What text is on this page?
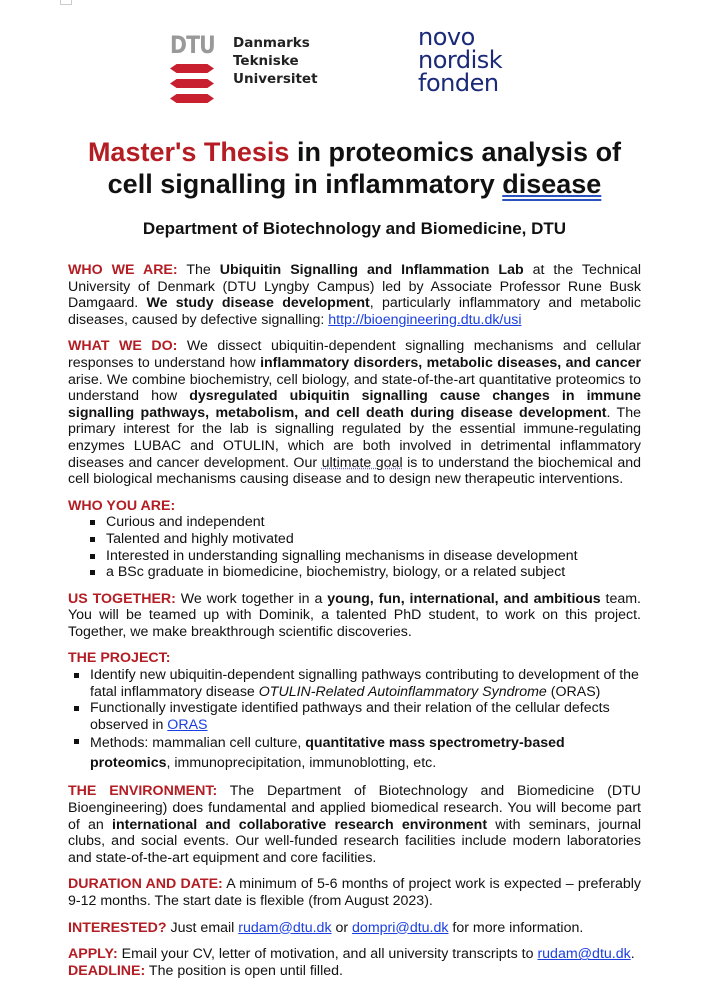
DTU Danmarks
Tekniske
Universitet
novo
nordisk
fonden
Master's Thesis in proteomics analysis of
cell signalling in inflammatory disease
Department of Biotechnology and Biomedicine, DTU

WHO WE ARE: The Ubiquitin Signalling and Inflammation Lab at the Technical University of Denmark (DTU Lyngby Campus) led by Associate Professor Rune Busk Damgaard. We study disease development, particularly inflammatory and metabolic diseases, caused by defective signalling: http://bioengineering.dtu.dk/usi

WHAT WE DO: We dissect ubiquitin-dependent signalling mechanisms and cellular responses to understand how inflammatory disorders, metabolic diseases, and cancer arise. We combine biochemistry, cell biology, and state-of-the-art quantitative proteomics to understand how dysregulated ubiquitin signalling cause changes in immune signalling pathways, metabolism, and cell death during disease development. The primary interest for the lab is signalling regulated by the essential immune-regulating enzymes LUBAC and OTULIN, which are both involved in detrimental inflammatory diseases and cancer development. Our ultimate goal is to understand the biochemical and cell biological mechanisms causing disease and to design new therapeutic interventions.

WHO YOU ARE:
Curious and independent
Talented and highly motivated
Interested in understanding signalling mechanisms in disease development
a BSc graduate in biomedicine, biochemistry, biology, or a related subject

US TOGETHER: We work together in a young, fun, international, and ambitious team. You will be teamed up with Dominik, a talented PhD student, to work on this project. Together, we make breakthrough scientific discoveries.

THE PROJECT:
Identify new ubiquitin-dependent signalling pathways contributing to development of the fatal inflammatory disease OTULIN-Related Autoinflammatory Syndrome (ORAS)
Functionally investigate identified pathways and their relation of the cellular defects observed in ORAS
Methods: mammalian cell culture, quantitative mass spectrometry-based proteomics, immunoprecipitation, immunoblotting, etc.

THE ENVIRONMENT: The Department of Biotechnology and Biomedicine (DTU Bioengineering) does fundamental and applied biomedical research. You will become part of an international and collaborative research environment with seminars, journal clubs, and social events. Our well-funded research facilities include modern laboratories and state-of-the-art equipment and core facilities.

DURATION AND DATE: A minimum of 5-6 months of project work is expected – preferably 9-12 months. The start date is flexible (from August 2023).

INTERESTED? Just email rudam@dtu.dk or dompri@dtu.dk for more information.

APPLY: Email your CV, letter of motivation, and all university transcripts to rudam@dtu.dk.

DEADLINE: The position is open until filled.
